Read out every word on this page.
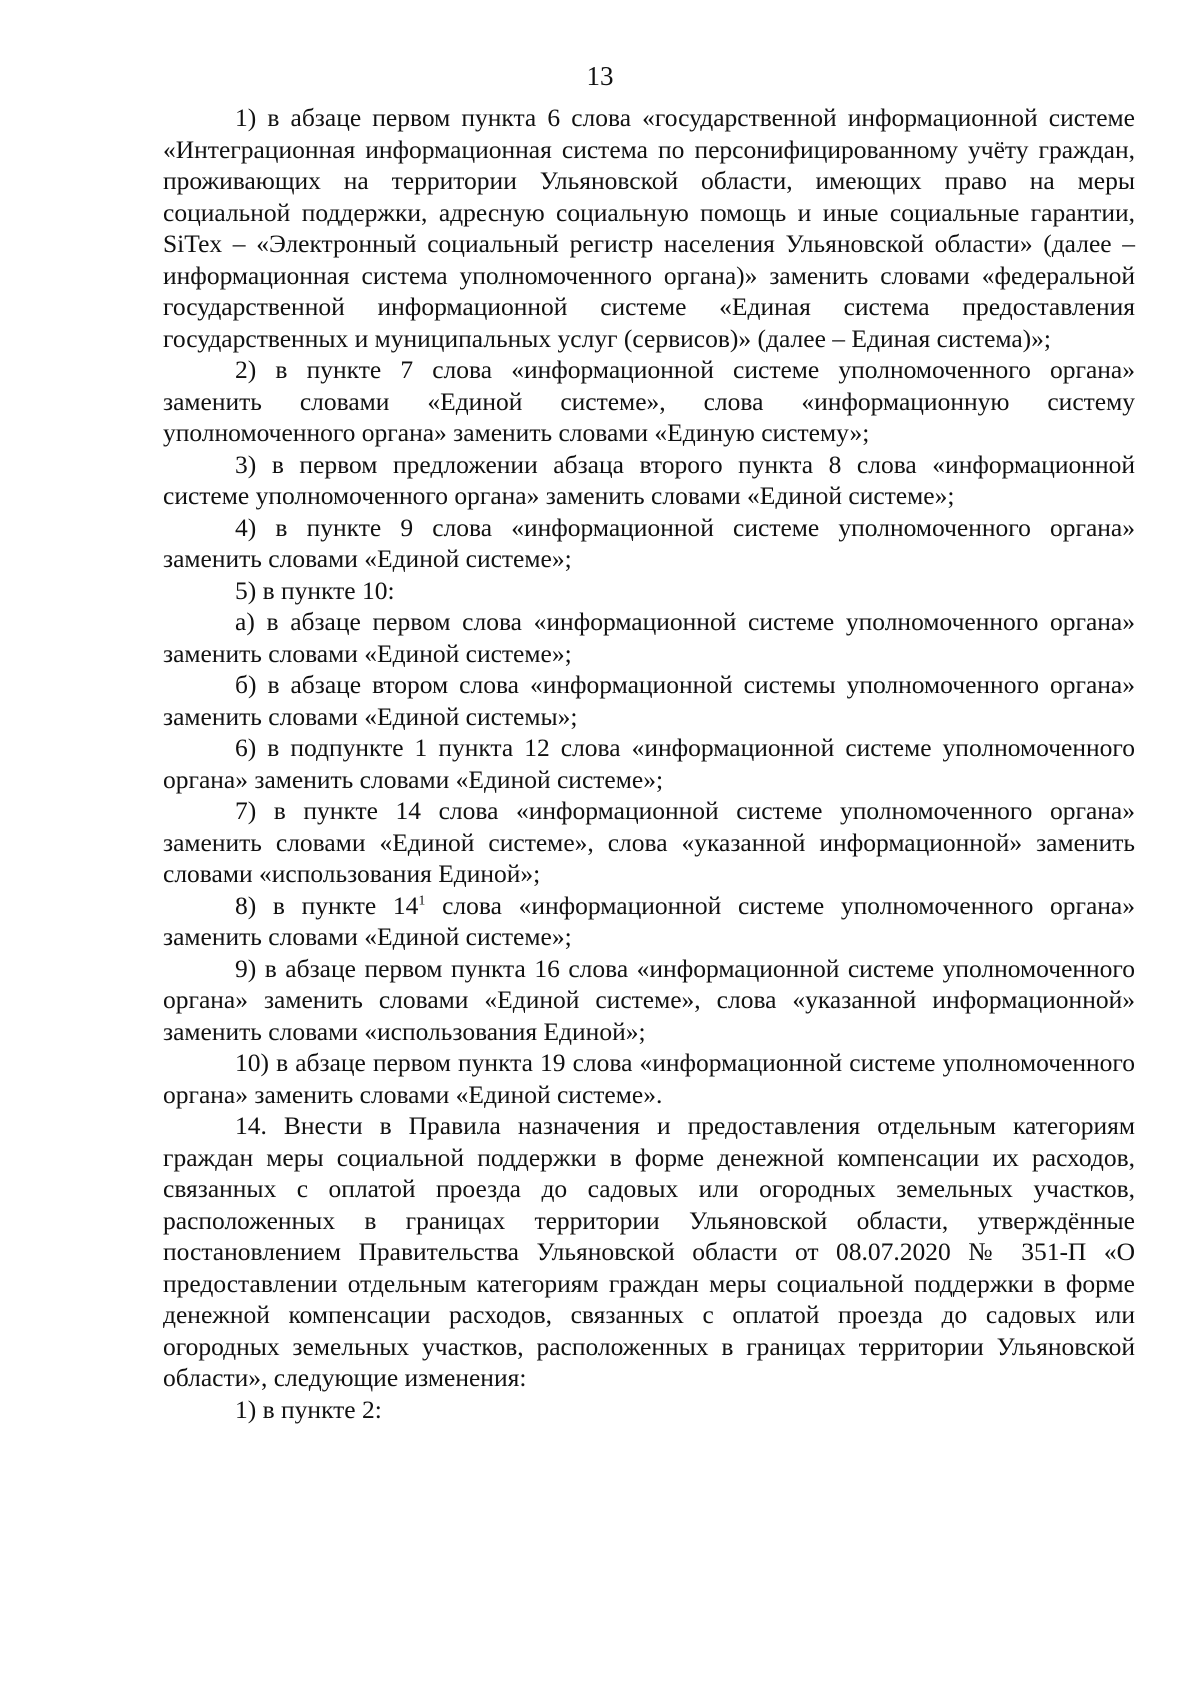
13

1) в абзаце первом пункта 6 слова «государственной информационной системе «Интеграционная информационная система по персонифицированному учёту граждан, проживающих на территории Ульяновской области, имеющих право на меры социальной поддержки, адресную социальную помощь и иные социальные гарантии, SiTex – «Электронный социальный регистр населения Ульяновской области» (далее – информационная система уполномоченного органа)» заменить словами «федеральной государственной информационной системе «Единая система предоставления государственных и муниципальных услуг (сервисов)» (далее – Единая система)»;

2) в пункте 7 слова «информационной системе уполномоченного органа» заменить словами «Единой системе», слова «информационную систему уполномоченного органа» заменить словами «Единую систему»;

3) в первом предложении абзаца второго пункта 8 слова «информационной системе уполномоченного органа» заменить словами «Единой системе»;

4) в пункте 9 слова «информационной системе уполномоченного органа» заменить словами «Единой системе»;

5) в пункте 10:

а) в абзаце первом слова «информационной системе уполномоченного органа» заменить словами «Единой системе»;

б) в абзаце втором слова «информационной системы уполномоченного органа» заменить словами «Единой системы»;

6) в подпункте 1 пункта 12 слова «информационной системе уполномоченного органа» заменить словами «Единой системе»;

7) в пункте 14 слова «информационной системе уполномоченного органа» заменить словами «Единой системе», слова «указанной информационной» заменить словами «использования Единой»;

8) в пункте $14^1$ слова «информационной системе уполномоченного органа» заменить словами «Единой системе»;

9) в абзаце первом пункта 16 слова «информационной системе уполномоченного органа» заменить словами «Единой системе», слова «указанной информационной» заменить словами «использования Единой»;

10) в абзаце первом пункта 19 слова «информационной системе уполномоченного органа» заменить словами «Единой системе».

14. Внести в Правила назначения и предоставления отдельным категориям граждан меры социальной поддержки в форме денежной компенсации их расходов, связанных с оплатой проезда до садовых или огородных земельных участков, расположенных в границах территории Ульяновской области, утверждённые постановлением Правительства Ульяновской области от 08.07.2020 № 351-П «О предоставлении отдельным категориям граждан меры социальной поддержки в форме денежной компенсации расходов, связанных с оплатой проезда до садовых или огородных земельных участков, расположенных в границах территории Ульяновской области», следующие изменения:

1) в пункте 2:
